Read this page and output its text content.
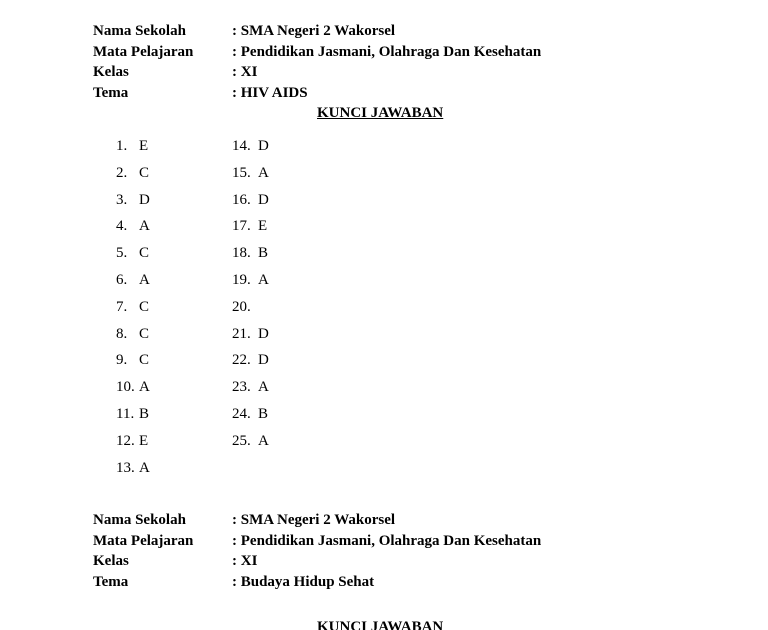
Nama Sekolah	: SMA Negeri 2 Wakorsel
Mata Pelajaran	: Pendidikan Jasmani, Olahraga Dan Kesehatan
Kelas	: XI
Tema	: HIV AIDS
KUNCI JAWABAN
1. E
2. C
3. D
4. A
5. C
6. A
7. C
8. C
9. C
10. A
11. B
12. E
13. A
14. D
15. A
16. D
17. E
18. B
19. A
20.
21. D
22. D
23. A
24. B
25. A
Nama Sekolah	: SMA Negeri 2 Wakorsel
Mata Pelajaran	: Pendidikan Jasmani, Olahraga Dan Kesehatan
Kelas	: XI
Tema	: Budaya Hidup Sehat
KUNCI JAWABAN
